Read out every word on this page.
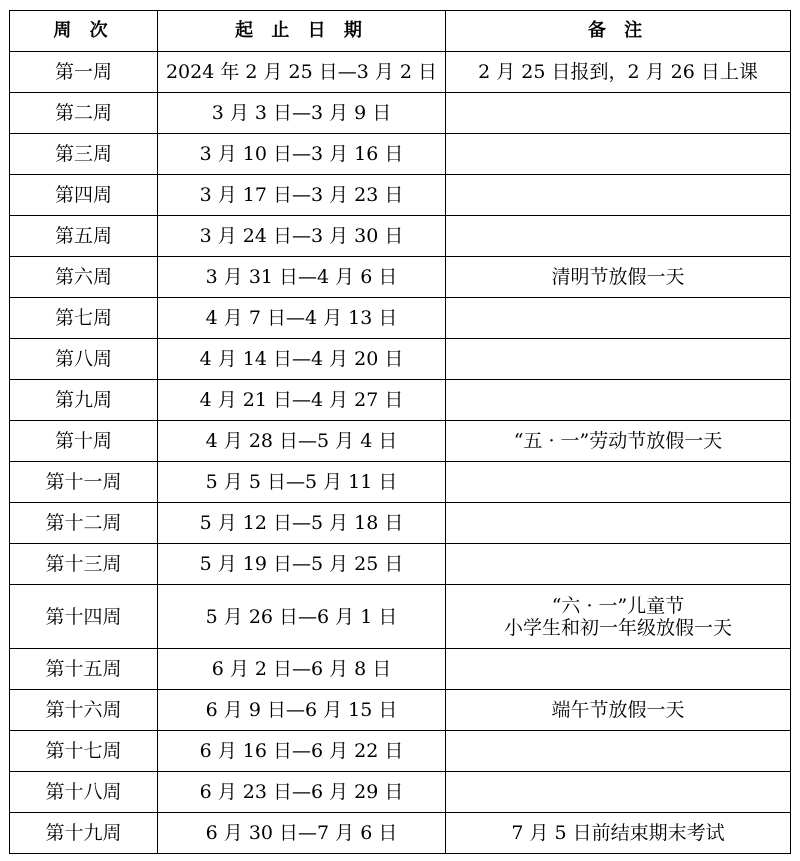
周 次	起 止 日 期	备 注
第一周	2024 年 2 月 25 日—3 月 2 日	2 月 25 日报到，2 月 26 日上课

第二周	3 月 3 日—3 月 9 日	
第三周	3 月 10 日—3 月 16 日	
第四周	3 月 17 日—3 月 23 日	
第五周	3 月 24 日—3 月 30 日	
第六周	3 月 31 日—4 月 6 日	清明节放假一天

第七周	4 月 7 日—4 月 13 日	
第八周	4 月 14 日—4 月 20 日	
第九周	4 月 21 日—4 月 27 日	
第十周	4 月 28 日—5 月 4 日	“五 · 一”劳动节放假一天

第十一周	5 月 5 日—5 月 11 日	
第十二周	5 月 12 日—5 月 18 日	
第十三周	5 月 19 日—5 月 25 日	
第十四周	5 月 26 日—6 月 1 日	“六 · 一”儿童节
小学生和初一年级放假一天

第十五周	6 月 2 日—6 月 8 日	
第十六周	6 月 9 日—6 月 15 日	端午节放假一天

第十七周	6 月 16 日—6 月 22 日	
第十八周	6 月 23 日—6 月 29 日	
第十九周	6 月 30 日—7 月 6 日	7 月 5 日前结束期末考试
